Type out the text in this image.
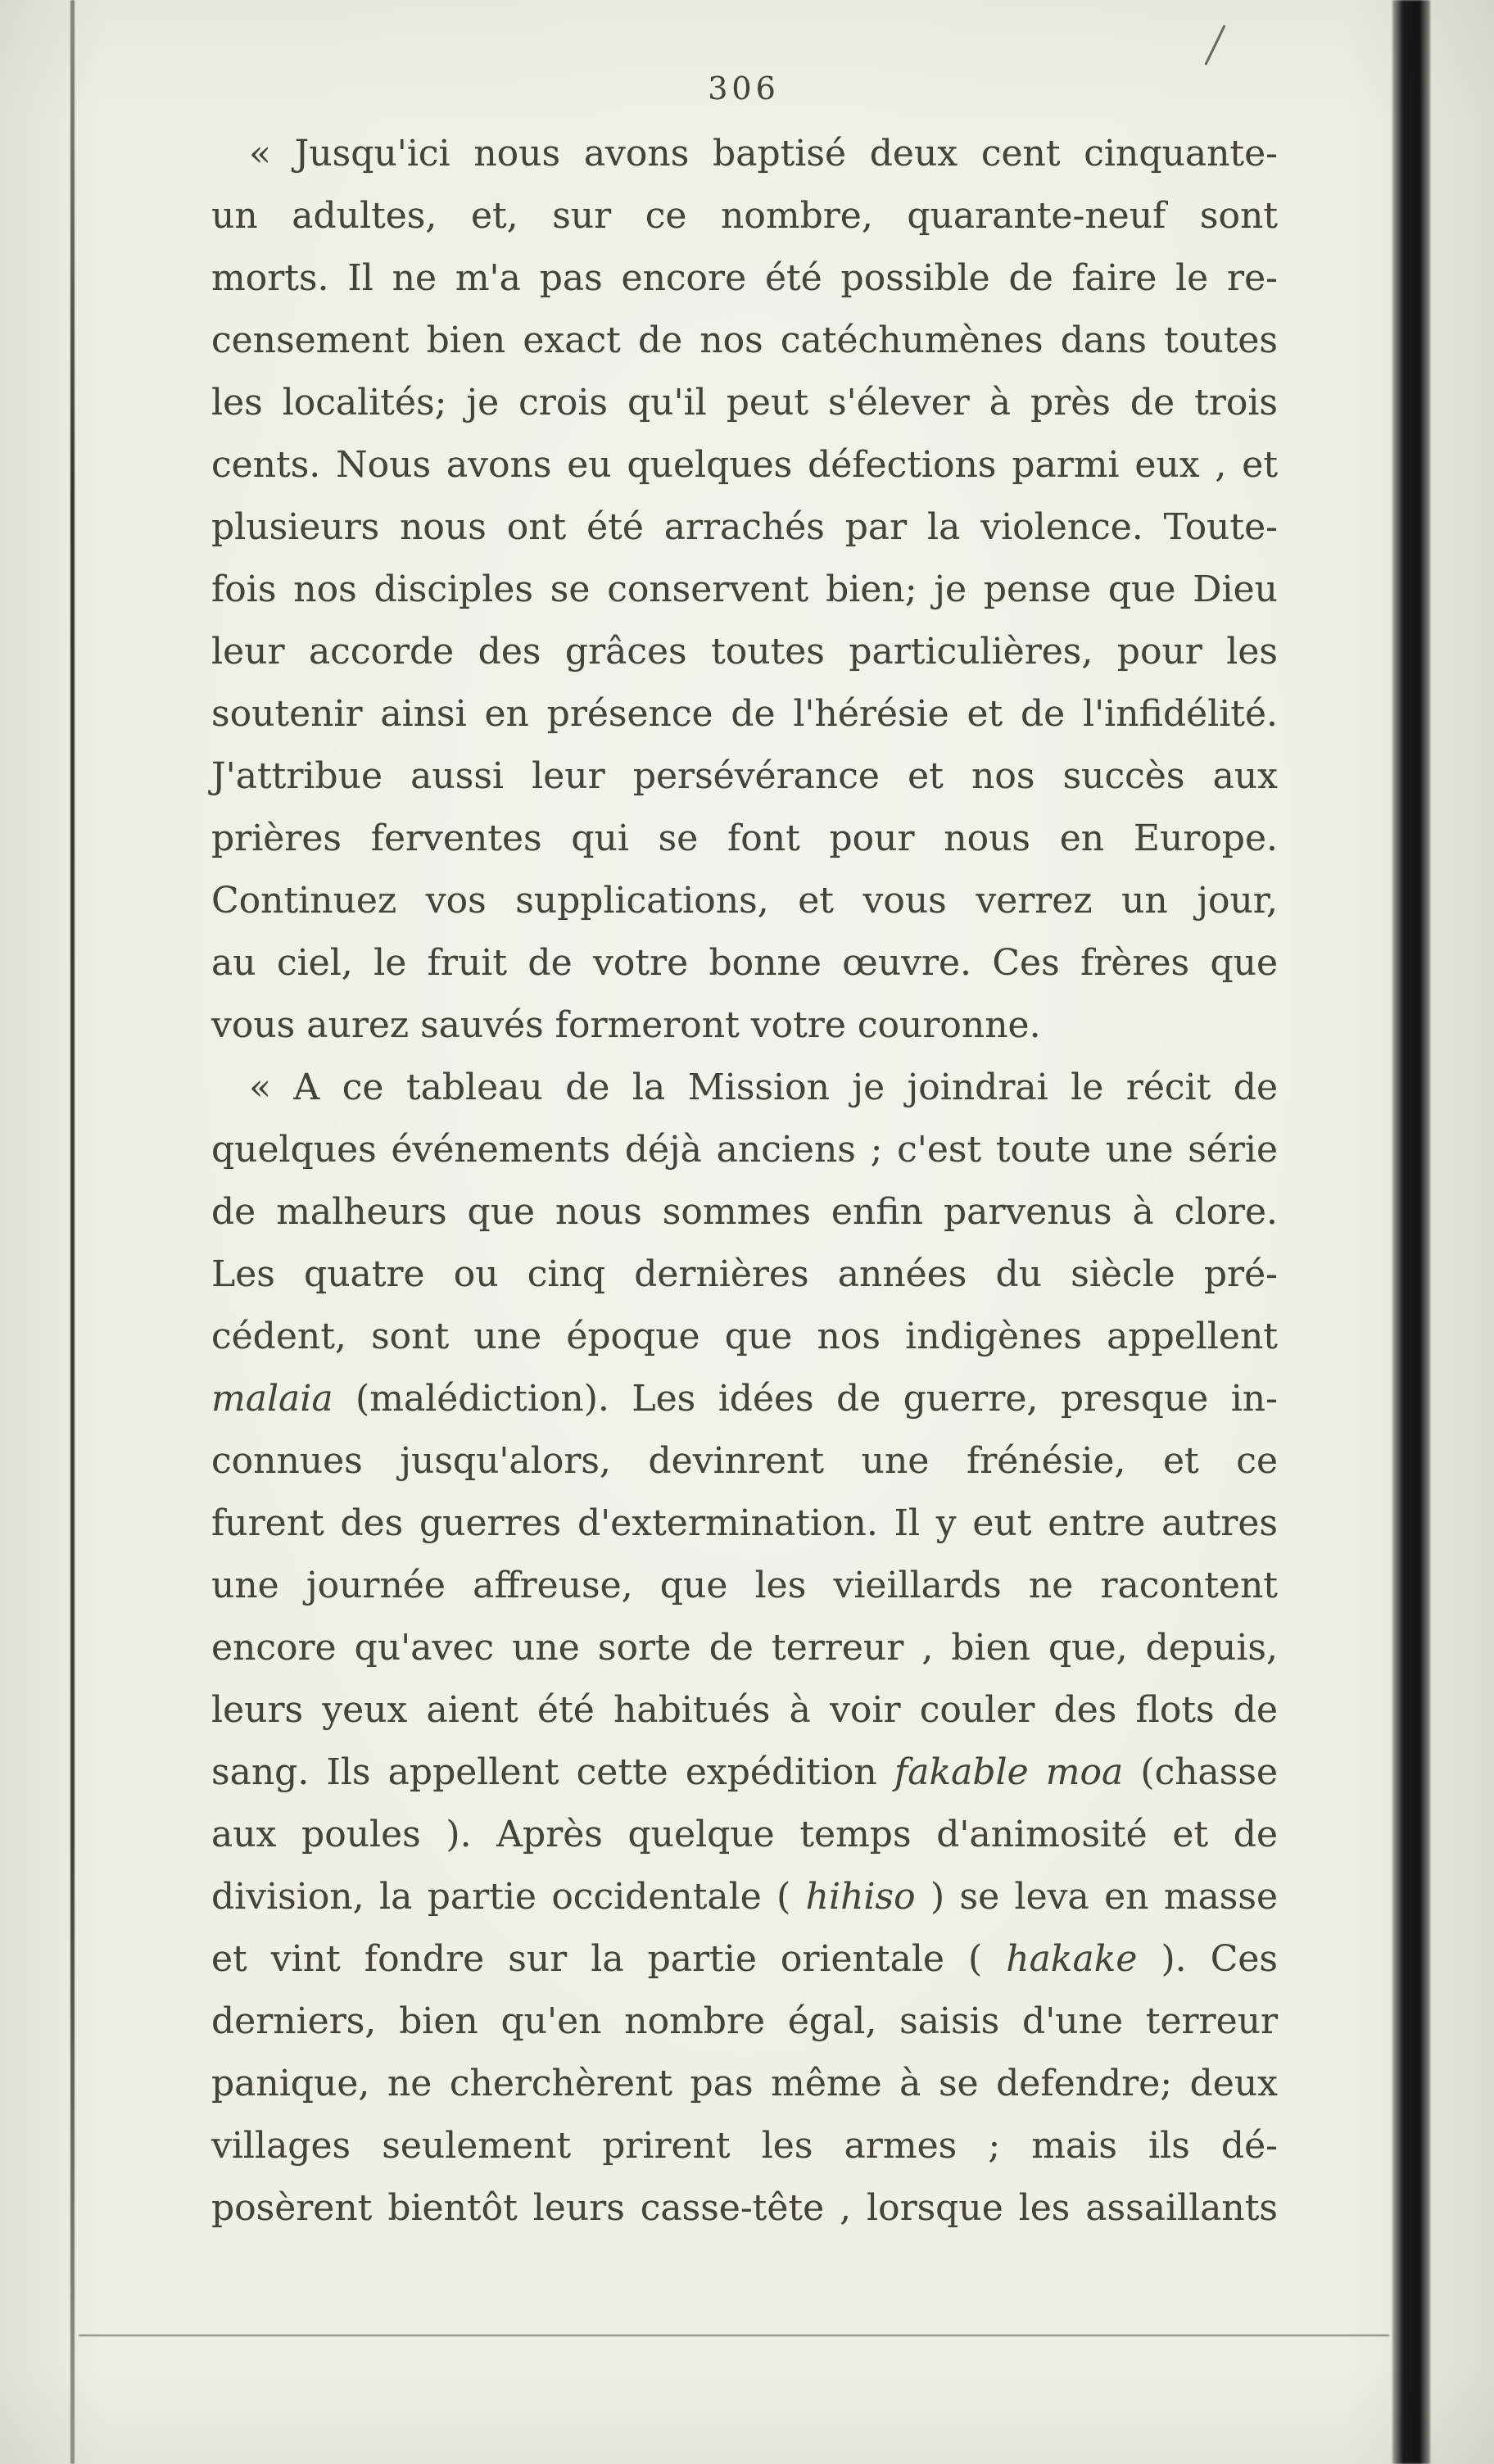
306
« Jusqu'ici nous avons baptisé deux cent cinquante-
un adultes, et, sur ce nombre, quarante-neuf sont
morts. Il ne m'a pas encore été possible de faire le re-
censement bien exact de nos catéchumènes dans toutes
les localités; je crois qu'il peut s'élever à près de trois
cents. Nous avons eu quelques défections parmi eux , et
plusieurs nous ont été arrachés par la violence. Toute-
fois nos disciples se conservent bien; je pense que Dieu
leur accorde des grâces toutes particulières, pour les
soutenir ainsi en présence de l'hérésie et de l'infidélité.
J'attribue aussi leur persévérance et nos succès aux
prières ferventes qui se font pour nous en Europe.
Continuez vos supplications, et vous verrez un jour,
au ciel, le fruit de votre bonne œuvre. Ces frères que
vous aurez sauvés formeront votre couronne.
« A ce tableau de la Mission je joindrai le récit de
quelques événements déjà anciens ; c'est toute une série
de malheurs que nous sommes enfin parvenus à clore.
Les quatre ou cinq dernières années du siècle pré-
cédent, sont une époque que nos indigènes appellent
malaia (malédiction). Les idées de guerre, presque in-
connues jusqu'alors, devinrent une frénésie, et ce
furent des guerres d'extermination. Il y eut entre autres
une journée affreuse, que les vieillards ne racontent
encore qu'avec une sorte de terreur , bien que, depuis,
leurs yeux aient été habitués à voir couler des flots de
sang. Ils appellent cette expédition fakable moa (chasse
aux poules ). Après quelque temps d'animosité et de
division, la partie occidentale ( hihiso ) se leva en masse
et vint fondre sur la partie orientale ( hakake ). Ces
derniers, bien qu'en nombre égal, saisis d'une terreur
panique, ne cherchèrent pas même à se defendre; deux
villages seulement prirent les armes ; mais ils dé-
posèrent bientôt leurs casse-tête , lorsque les assaillants
